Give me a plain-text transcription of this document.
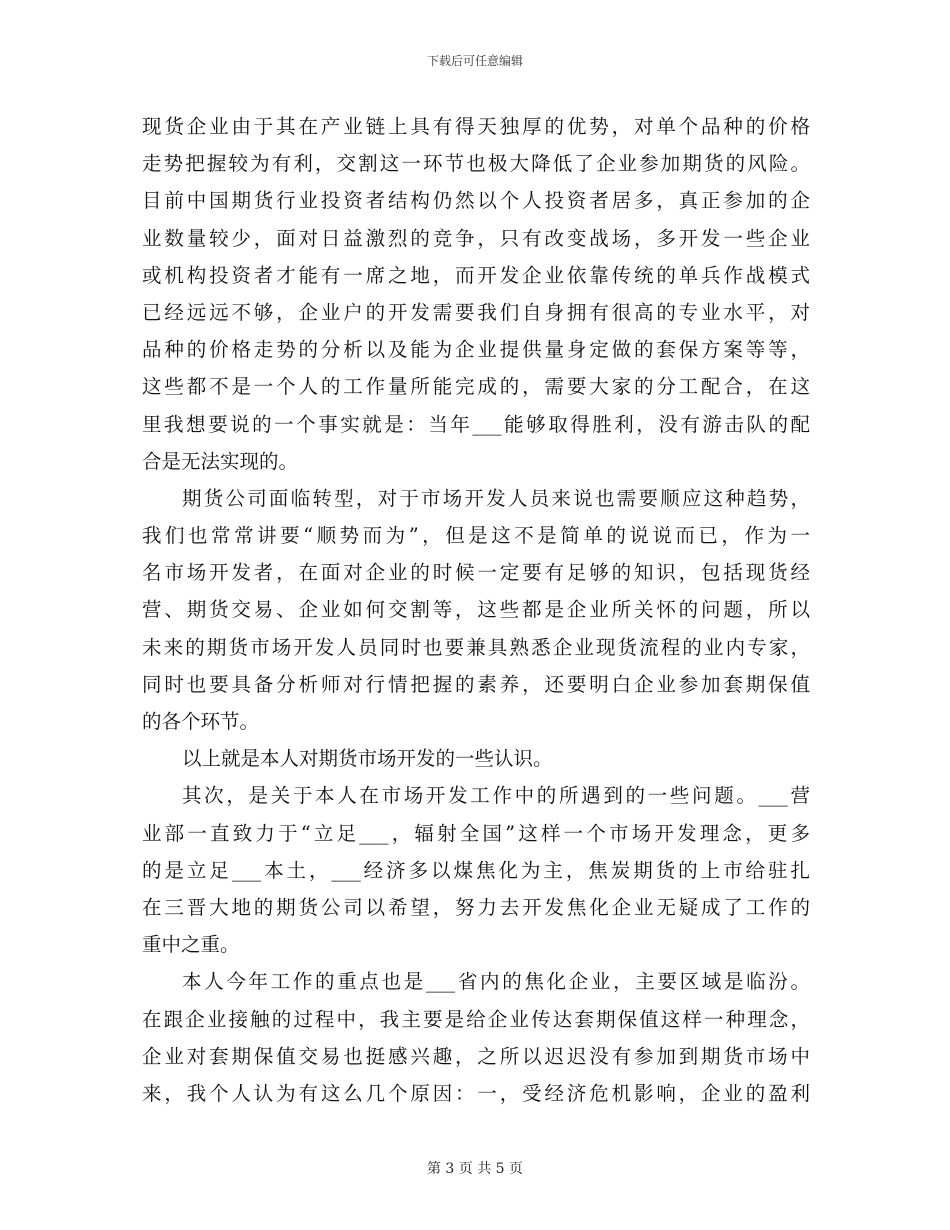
下载后可任意编辑
现货企业由于其在产业链上具有得天独厚的优势，对单个品种的价格
走势把握较为有利，交割这一环节也极大降低了企业参加期货的风险。
目前中国期货行业投资者结构仍然以个人投资者居多，真正参加的企
业数量较少，面对日益激烈的竞争，只有改变战场，多开发一些企业
或机构投资者才能有一席之地，而开发企业依靠传统的单兵作战模式
已经远远不够，企业户的开发需要我们自身拥有很高的专业水平，对
品种的价格走势的分析以及能为企业提供量身定做的套保方案等等，
这些都不是一个人的工作量所能完成的，需要大家的分工配合，在这
里我想要说的一个事实就是：当年___能够取得胜利，没有游击队的配
合是无法实现的。
期货公司面临转型，对于市场开发人员来说也需要顺应这种趋势，
我们也常常讲要“顺势而为”，但是这不是简单的说说而已，作为一
名市场开发者，在面对企业的时候一定要有足够的知识，包括现货经
营、期货交易、企业如何交割等，这些都是企业所关怀的问题，所以
未来的期货市场开发人员同时也要兼具熟悉企业现货流程的业内专家，
同时也要具备分析师对行情把握的素养，还要明白企业参加套期保值
的各个环节。
以上就是本人对期货市场开发的一些认识。
其次，是关于本人在市场开发工作中的所遇到的一些问题。___营
业部一直致力于“立足___，辐射全国”这样一个市场开发理念，更多
的是立足___本土，___经济多以煤焦化为主，焦炭期货的上市给驻扎
在三晋大地的期货公司以希望，努力去开发焦化企业无疑成了工作的
重中之重。
本人今年工作的重点也是___省内的焦化企业，主要区域是临汾。
在跟企业接触的过程中，我主要是给企业传达套期保值这样一种理念，
企业对套期保值交易也挺感兴趣，之所以迟迟没有参加到期货市场中
来，我个人认为有这么几个原因：一，受经济危机影响，企业的盈利
第 3 页 共 5 页
